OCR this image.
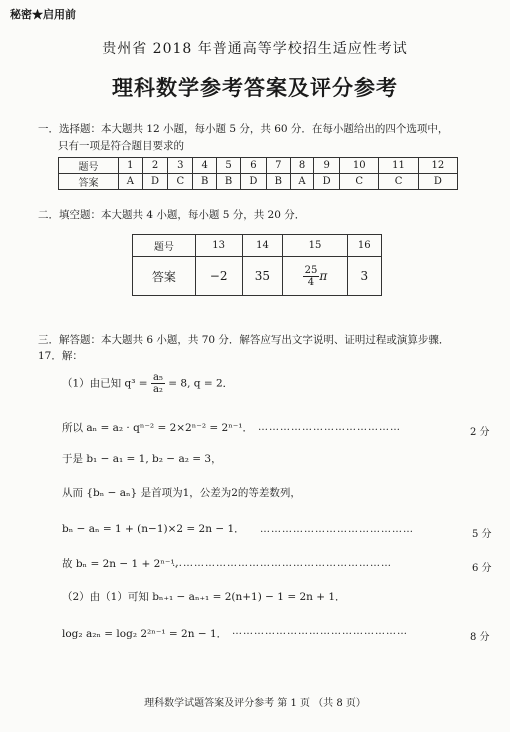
秘密★启用前
贵州省 2018 年普通高等学校招生适应性考试
理科数学参考答案及评分参考
一．选择题：本大题共 12 小题，每小题 5 分，共 60 分．在每小题给出的四个选项中，
只有一项是符合题目要求的
题号	1	2	3	4	5	6	7	8	9	10	11	12
答案	A	D	C	B	B	D	B	A	D	C	C	D
二．填空题：本大题共 4 小题，每小题 5 分，共 20 分．
题号	13	14	15	16
答案	−2	35	$\frac{25}{4}$ π	3
三．解答题：本大题共 6 小题，共 70 分．解答应写出文字说明、证明过程或演算步骤．
17．解：
（1）由已知 $q^3 = \frac{\text{a₅}}{\text{a₂}} = 8$, q = 2．
所以 aₙ = a₂ · qⁿ⁻² = 2×2ⁿ⁻² = 2ⁿ⁻¹． …………………………………	2 分
于是 b₁ − a₁ = 1, b₂ − a₂ = 3，
从而 {bₙ − aₙ} 是首项为1，公差为2的等差数列，
bₙ − aₙ = 1 + (n−1)×2 = 2n − 1． ……………………………………	5 分
故 bₙ = 2n − 1 + 2ⁿ⁻¹．
……………………………………………………	6 分
（2）由（1）可知 bₙ₊₁ − aₙ₊₁ = 2(n+1) − 1 = 2n + 1．
log₂ a₂ₙ = log₂ 2²ⁿ⁻¹ = 2n − 1． …………………………………………
8 分
理科数学试题答案及评分参考 第 1 页 （共 8 页）
